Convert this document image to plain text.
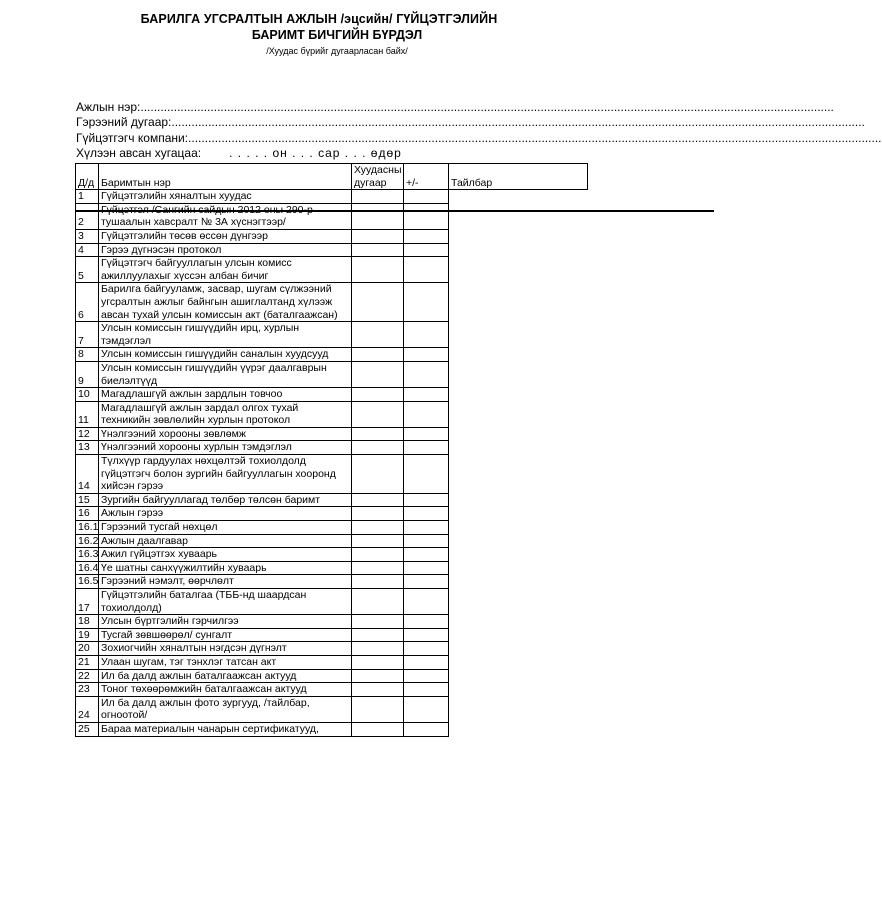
БАРИЛГА УГСРАЛТЫН АЖЛЫН /эцсийн/ ГҮЙЦЭТГЭЛИЙН
БАРИМТ БИЧГИЙН БҮРДЭЛ
/Хуудас бүрийг дугаарласан байх/
Ажлын нэр:................................................................................................................................................................................................................
Гэрээний дугаар:................................................................................................................................................................................................................
Гүйцэтгэгч компани:................................................................................................................................................................................................................
Хүлээн авсан хугацаа: . . . . . он . . . сар . . . өдөр
Д/д	Баримтын нэр	Хуудасны дугаар	+/-	Тайлбар
1	Гүйцэтгэлийн хяналтын хуудас			

2	Гүйцэтгэл /Сангийн сайдын 2012 оны 290-р тушаалын хавсралт № 3А хүснэгтээр/			

3	Гүйцэтгэлийн төсөв өссөн дүнгээр			

4	Гэрээ дүгнэсэн протокол			

5	Гүйцэтгэгч байгууллагын улсын комисс ажиллуулахыг хүссэн албан бичиг			

6	Барилга байгууламж, засвар, шугам сүлжээний угсралтын ажлыг байнгын ашиглалтанд хүлээж авсан тухай улсын комиссын акт (баталгаажсан)			

7	Улсын комиссын гишүүдийн ирц, хурлын тэмдэглэл			

8	Улсын комиссын гишүүдийн саналын хуудсууд			

9	Улсын комиссын гишүүдийн үүрэг даалгаврын биелэлтүүд			

10	Магадлашгүй ажлын зардлын товчоо			

11	Магадлашгүй ажлын зардал олгох тухай техникийн зөвлөлийн хурлын протокол			

12	Үнэлгээний хорооны зөвлөмж			

13	Үнэлгээний хорооны хурлын тэмдэглэл			

14	Түлхүүр гардуулах нөхцөлтэй тохиолдолд гүйцэтгэгч болон зургийн байгууллагын хооронд хийсэн гэрээ			

15	Зургийн байгууллагад төлбөр төлсөн баримт			

16	Ажлын гэрээ			

16.1	Гэрээний тусгай нөхцөл			

16.2	Ажлын даалгавар			

16.3	Ажил гүйцэтгэх хуваарь			

16.4	Үе шатны санхүүжилтийн хуваарь			

16.5	Гэрээний нэмэлт, өөрчлөлт			

17	Гүйцэтгэлийн баталгаа (ТББ-нд шаардсан тохиолдолд)			

18	Улсын бүртгэлийн гэрчилгээ			

19	Тусгай зөвшөөрөл/ сунгалт			

20	Зохиогчийн хяналтын нэгдсэн дүгнэлт			

21	Улаан шугам, тэг тэнхлэг татсан акт			

22	Ил ба далд ажлын баталгаажсан актууд			

23	Тоног төхөөрөмжийн баталгаажсан актууд			

24	Ил ба далд ажлын фото зургууд, /тайлбар, огноотой/			

25	Бараа материалын чанарын сертификатууд,			
